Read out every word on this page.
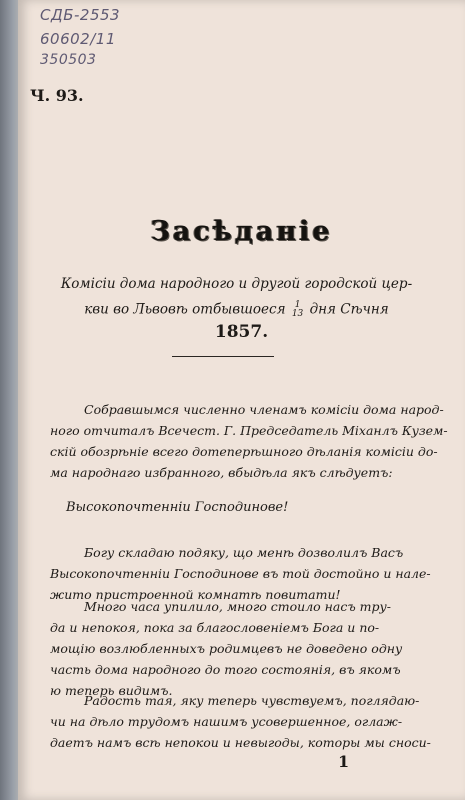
СДБ-2553
60602/11
350503
Ч. 93.
Засѣданіе
Комісіи дома народного и другой городской цер-
кви во Львовѣ отбывшоеся	1
13 дня Сѣчня
1857.
Собравшымся численно членамъ комісіи дома народ-
ного отчиталъ Всечест. Г. Председатель Міханлъ Кузем-
скій обозрѣніе всего дотеперѣшного дѣланія комісіи до-
ма народнаго избранного, вбыдѣла якъ слѣдуетъ:
Высокопочтенніи Господинове!
Богу складаю подяку, що менѣ дозволилъ Васъ
Высокопочтенніи Господинове въ той достойно и нале-
жито пристроенной комнатѣ повитати!
Много часа упилило, много стоило насъ тру-
да и непокоя, пока за благословеніемъ Бога и по-
мощію возлюбленныхъ родимцевъ не доведено одну
часть дома народного до того состоянія, въ якомъ
ю теперь видимъ.
Радость тая, яку теперь чувствуемъ, поглядаю-
чи на дѣло трудомъ нашимъ усовершенное, оглаж-
даетъ намъ всѣ непокои и невыгоды, которы мы сноси-
1
